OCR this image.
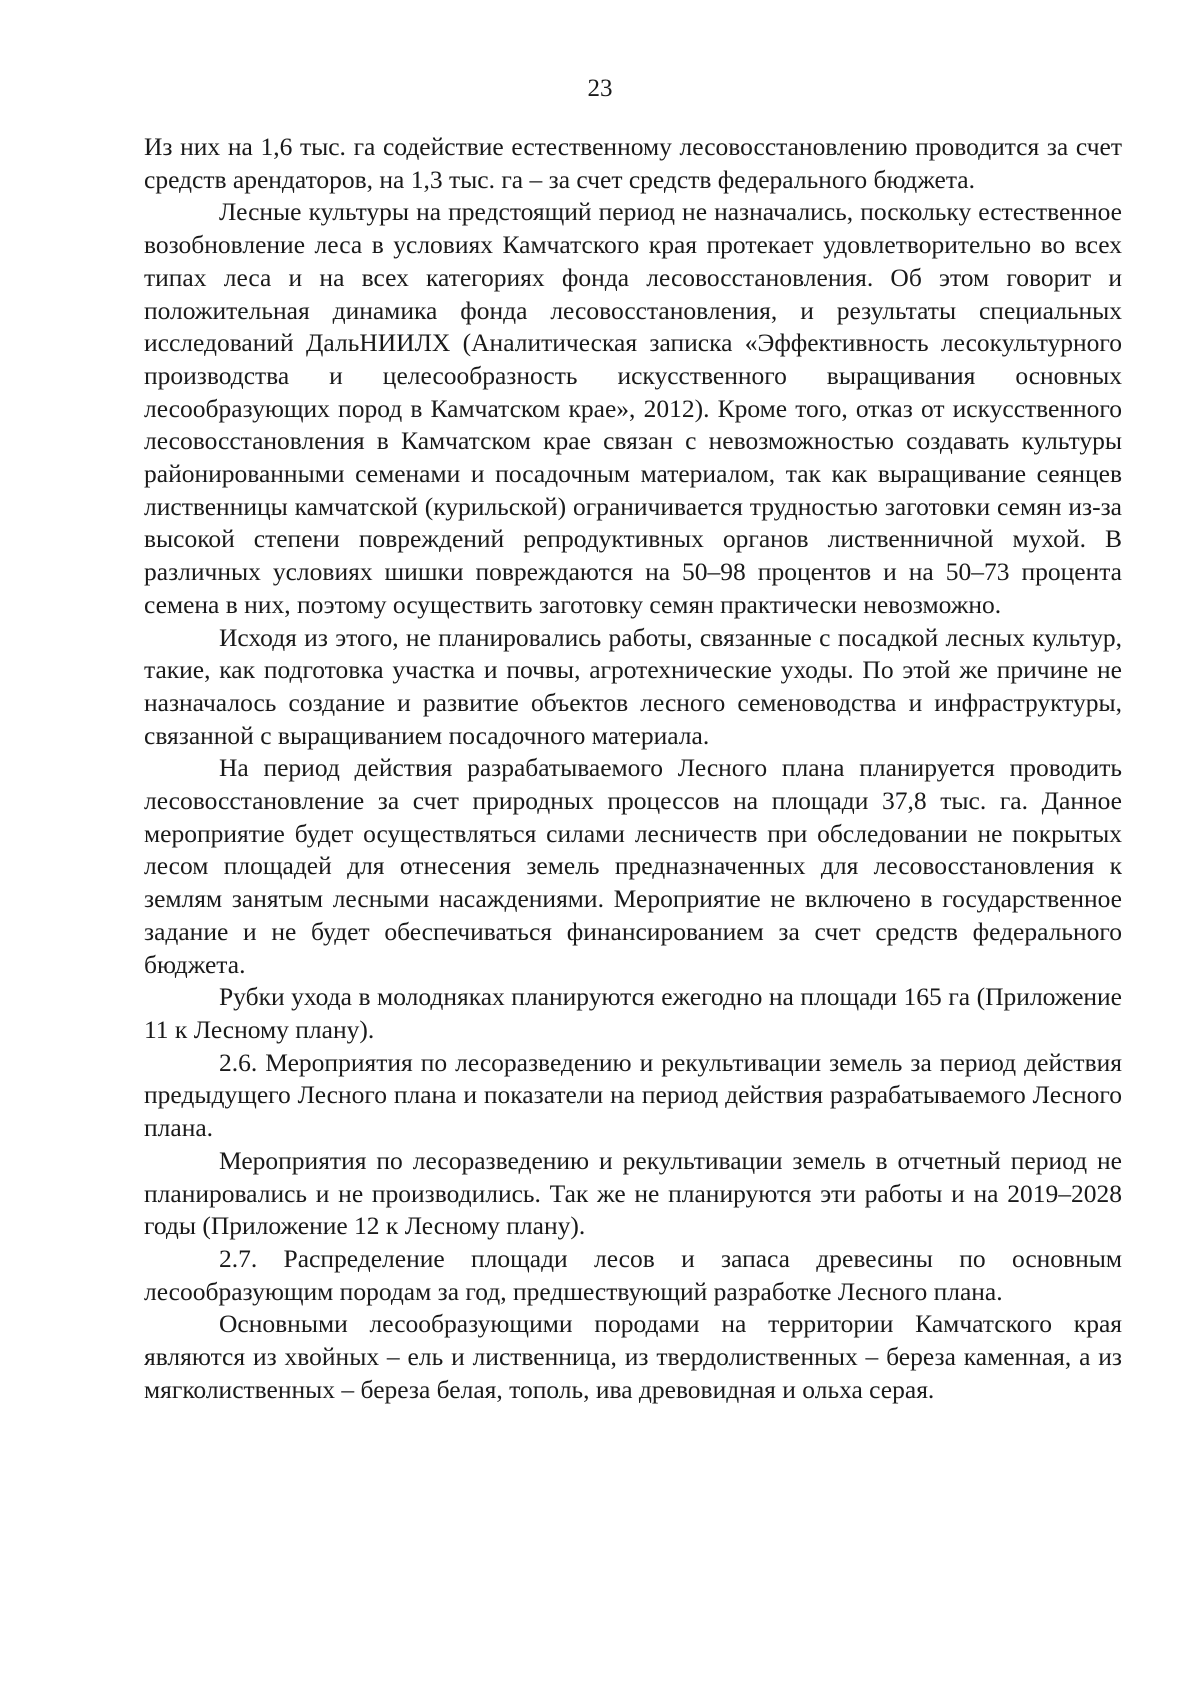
23

Из них на 1,6 тыс. га содействие естественному лесовосстановлению проводится за счет средств арендаторов, на 1,3 тыс. га – за счет средств федерального бюджета.

Лесные культуры на предстоящий период не назначались, поскольку естественное возобновление леса в условиях Камчатского края протекает удовлетворительно во всех типах леса и на всех категориях фонда лесовосстановления. Об этом говорит и положительная динамика фонда лесовосстановления, и результаты специальных исследований ДальНИИЛХ (Аналитическая записка «Эффективность лесокультурного производства и целесообразность искусственного выращивания основных лесообразующих пород в Камчатском крае», 2012). Кроме того, отказ от искусственного лесовосстановления в Камчатском крае связан с невозможностью создавать культуры районированными семенами и посадочным материалом, так как выращивание сеянцев лиственницы камчатской (курильской) ограничивается трудностью заготовки семян из-за высокой степени повреждений репродуктивных органов лиственничной мухой. В различных условиях шишки повреждаются на 50–98 процентов и на 50–73 процента семена в них, поэтому осуществить заготовку семян практически невозможно.

Исходя из этого, не планировались работы, связанные с посадкой лесных культур, такие, как подготовка участка и почвы, агротехнические уходы. По этой же причине не назначалось создание и развитие объектов лесного семеноводства и инфраструктуры, связанной с выращиванием посадочного материала.

На период действия разрабатываемого Лесного плана планируется проводить лесовосстановление за счет природных процессов на площади 37,8 тыс. га. Данное мероприятие будет осуществляться силами лесничеств при обследовании не покрытых лесом площадей для отнесения земель предназначенных для лесовосстановления к землям занятым лесными насаждениями. Мероприятие не включено в государственное задание и не будет обеспечиваться финансированием за счет средств федерального бюджета.

Рубки ухода в молодняках планируются ежегодно на площади 165 га (Приложение 11 к Лесному плану).

2.6. Мероприятия по лесоразведению и рекультивации земель за период действия предыдущего Лесного плана и показатели на период действия разрабатываемого Лесного плана.

Мероприятия по лесоразведению и рекультивации земель в отчетный период не планировались и не производились. Так же не планируются эти работы и на 2019–2028 годы (Приложение 12 к Лесному плану).

2.7. Распределение площади лесов и запаса древесины по основным лесообразующим породам за год, предшествующий разработке Лесного плана.

Основными лесообразующими породами на территории Камчатского края являются из хвойных – ель и лиственница, из твердолиственных – береза каменная, а из мягколиственных – береза белая, тополь, ива древовидная и ольха серая.
